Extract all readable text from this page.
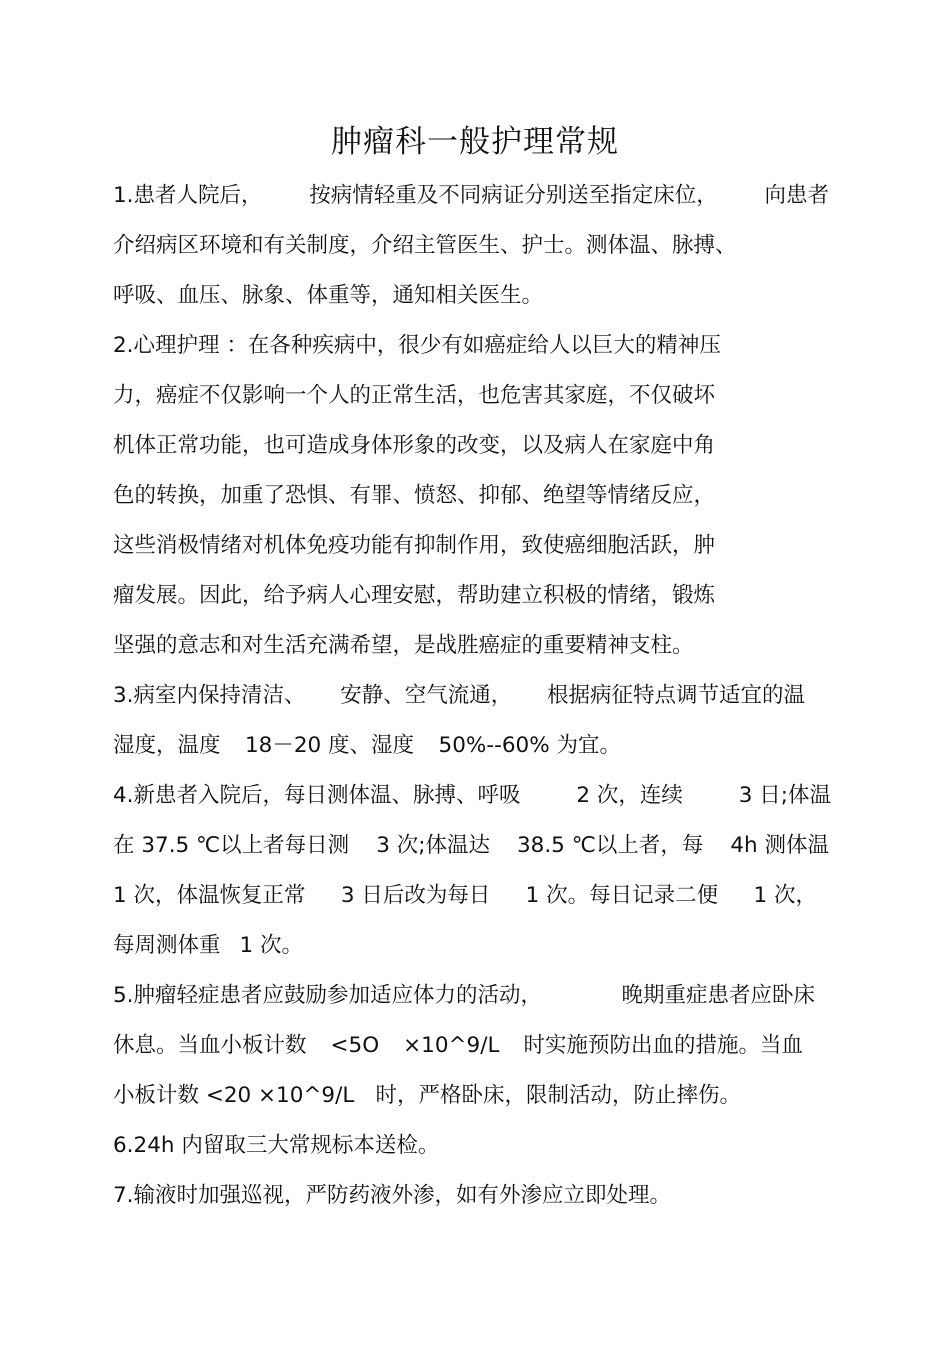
肿瘤科一般护理常规
1.患者人院后， 按病情轻重及不同病证分别送至指定床位， 向患者
介绍病区环境和有关制度，介绍主管医生、护士。测体温、脉搏、
呼吸、血压、脉象、体重等，通知相关医生。
2.心理护理 ：在各种疾病中，很少有如癌症给人以巨大的精神压
力，癌症不仅影响一个人的正常生活，也危害其家庭，不仅破坏
机体正常功能，也可造成身体形象的改变，以及病人在家庭中角
色的转换，加重了恐惧、有罪、愤怒、抑郁、绝望等情绪反应，
这些消极情绪对机体免疫功能有抑制作用，致使癌细胞活跃，肿
瘤发展。因此，给予病人心理安慰，帮助建立积极的情绪，锻炼
坚强的意志和对生活充满希望，是战胜癌症的重要精神支柱。
3.病室内保持清洁、 安静、空气流通， 根据病征特点调节适宜的温
湿度，温度 18－20 度、湿度 50%--60% 为宜。
4.新患者入院后，每日测体温、脉搏、呼吸	2 次，连续	3 日;体温
在 37.5 ℃以上者每日测 3 次;体温达 38.5 ℃以上者，每 4h 测体温
1 次，体温恢复正常 3 日后改为每日 1 次。每日记录二便 1 次，
每周测体重 1 次。
5.肿瘤轻症患者应鼓励参加适应体力的活动，	晚期重症患者应卧床
休息。当血小板计数 <5O ×10^9/L 时实施预防出血的措施。当血
小板计数 <20 ×10^9/L 时，严格卧床，限制活动，防止摔伤。
6.24h 内留取三大常规标本送检。
7.输液时加强巡视，严防药液外渗，如有外渗应立即处理。
